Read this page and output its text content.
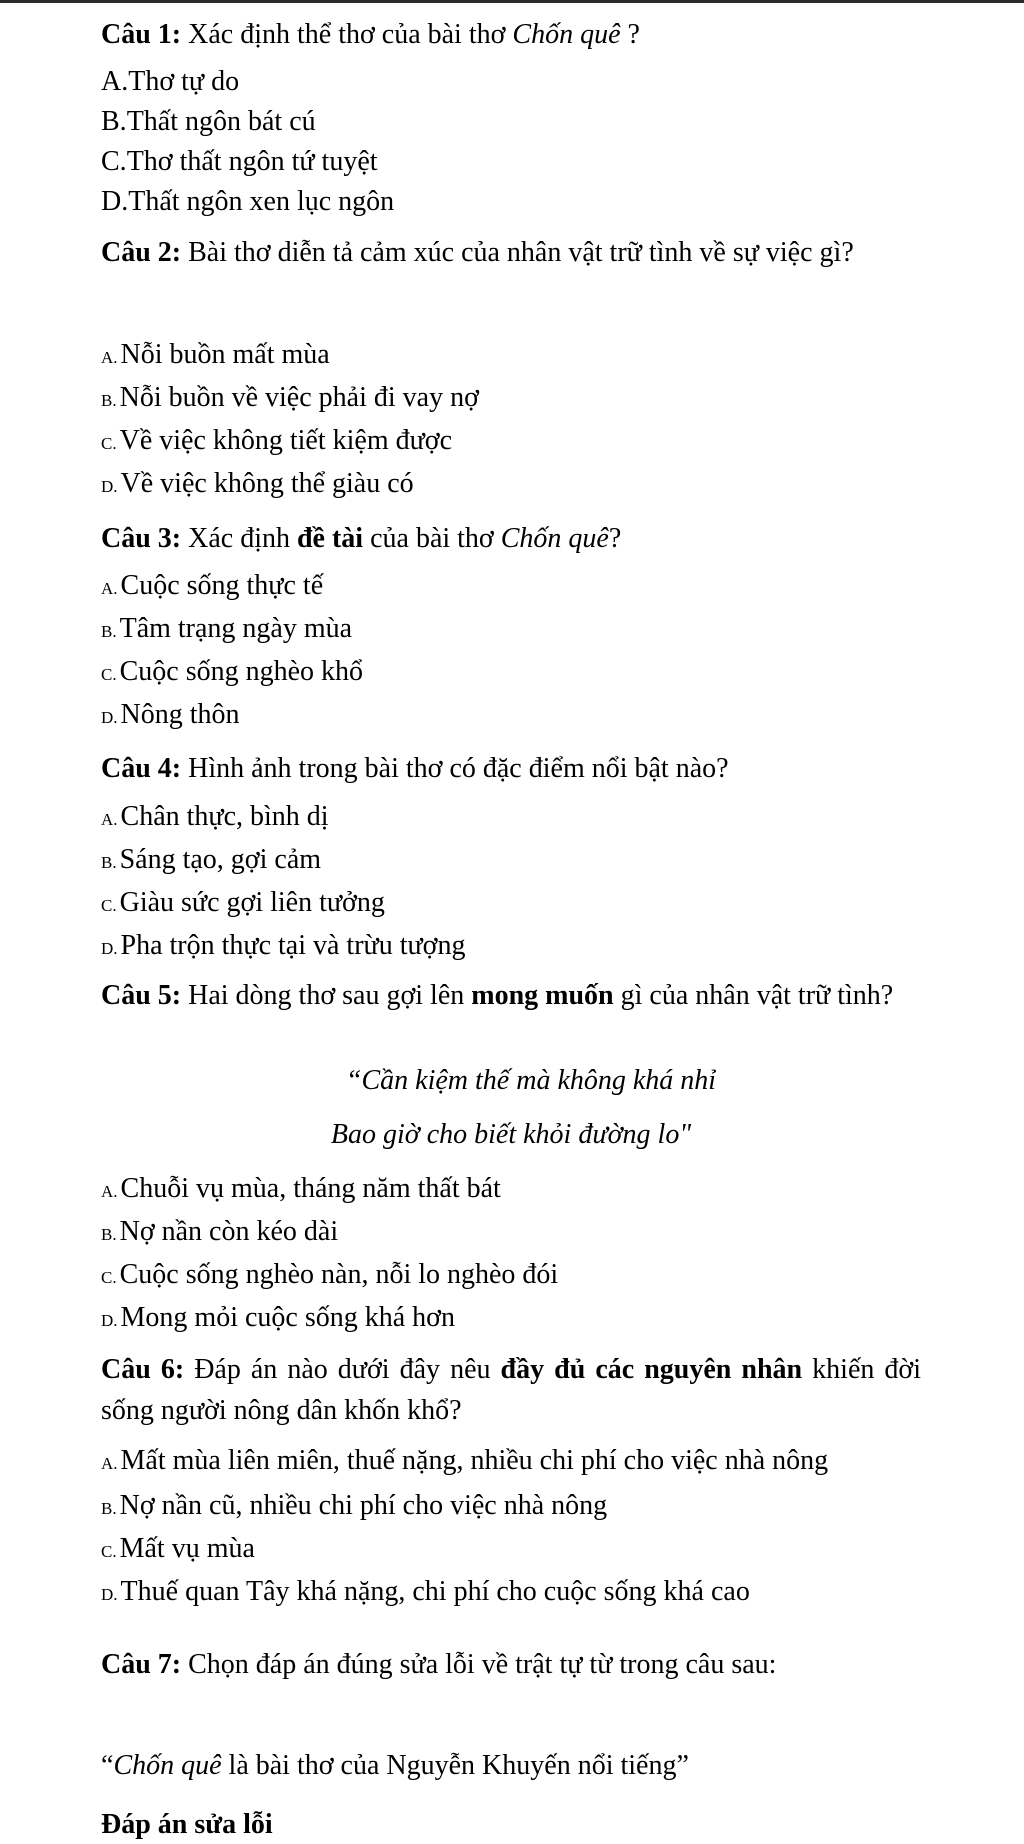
Câu 1: Xác định thể thơ của bài thơ Chốn quê ?

A.Thơ tự do

B.Thất ngôn bát cú

C.Thơ thất ngôn tứ tuyệt

D.Thất ngôn xen lục ngôn

Câu 2: Bài thơ diễn tả cảm xúc của nhân vật trữ tình về sự việc gì?

A. Nỗi buồn mất mùa

B. Nỗi buồn về việc phải đi vay nợ

C. Về việc không tiết kiệm được

D. Về việc không thể giàu có

Câu 3: Xác định đề tài của bài thơ Chốn quê?

A. Cuộc sống thực tế

B. Tâm trạng ngày mùa

C. Cuộc sống nghèo khổ

D. Nông thôn

Câu 4: Hình ảnh trong bài thơ có đặc điểm nổi bật nào?

A. Chân thực, bình dị

B. Sáng tạo, gợi cảm

C. Giàu sức gợi liên tưởng

D. Pha trộn thực tại và trừu tượng

Câu 5: Hai dòng thơ sau gợi lên mong muốn gì của nhân vật trữ tình?

“Cần kiệm thế mà không khá nhỉ

Bao giờ cho biết khỏi đường lo"

A. Chuỗi vụ mùa, tháng năm thất bát

B. Nợ nần còn kéo dài

C. Cuộc sống nghèo nàn, nỗi lo nghèo đói

D. Mong mỏi cuộc sống khá hơn

Câu 6: Đáp án nào dưới đây nêu đầy đủ các nguyên nhân khiến đời sống người nông dân khốn khổ?

A. Mất mùa liên miên, thuế nặng, nhiều chi phí cho việc nhà nông

B. Nợ nần cũ, nhiều chi phí cho việc nhà nông

C. Mất vụ mùa

D. Thuế quan Tây khá nặng, chi phí cho cuộc sống khá cao

Câu 7: Chọn đáp án đúng sửa lỗi về trật tự từ trong câu sau:

“Chốn quê là bài thơ của Nguyễn Khuyến nổi tiếng”

Đáp án sửa lỗi
